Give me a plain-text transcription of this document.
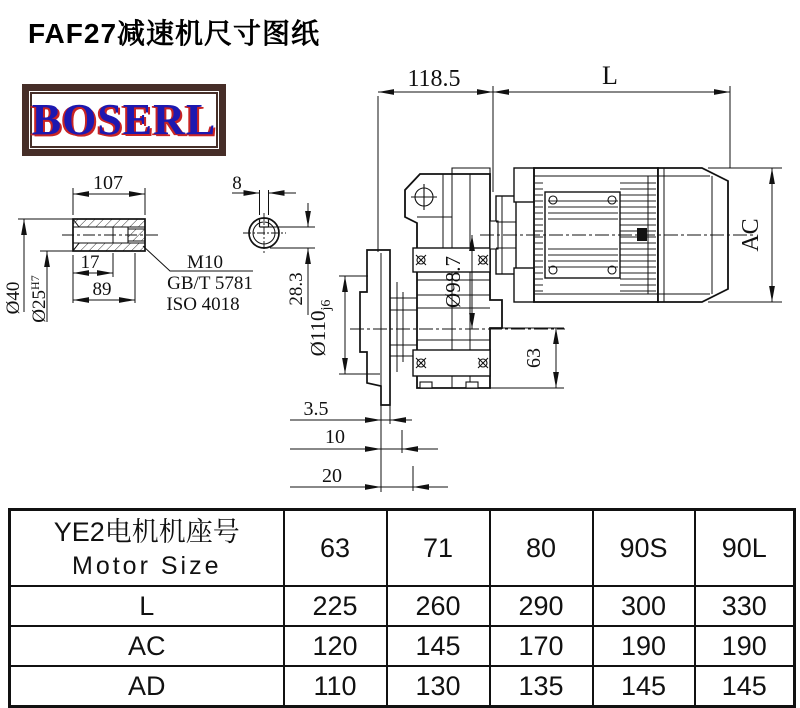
FAF27减速机尺寸图纸
BOSERL
107
17
89
M10
GB/T 5781
ISO 4018
Ø40 $Ø25^{H7}$
8
28.3
118.5	L
AC
Ø98.7
$Ø110_{j6}$
63
3.5
10
20
YE2电机机座号
Motor Size	63	71	80	90S	90L
L	225	260	290	300	330
AC	120	145	170	190	190
AD	110	130	135	145	145
